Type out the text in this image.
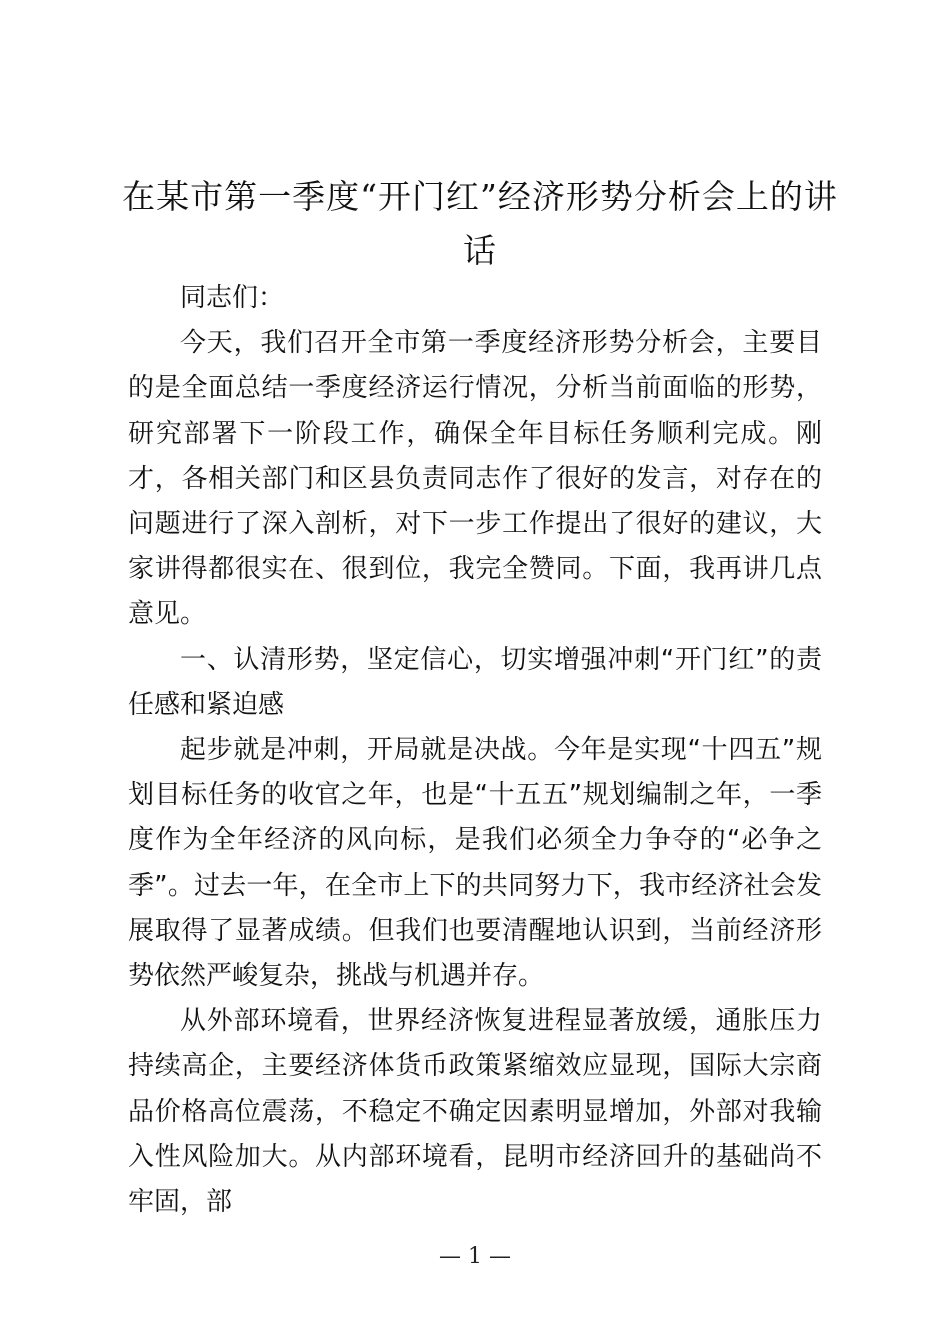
在某市第一季度“开门红”经济形势分析会上的讲话

同志们：

今天，我们召开全市第一季度经济形势分析会，主要目的是全面总结一季度经济运行情况，分析当前面临的形势，研究部署下一阶段工作，确保全年目标任务顺利完成。刚才，各相关部门和区县负责同志作了很好的发言，对存在的问题进行了深入剖析，对下一步工作提出了很好的建议，大家讲得都很实在、很到位，我完全赞同。下面，我再讲几点意见。

一、认清形势，坚定信心，切实增强冲刺“开门红”的责任感和紧迫感

起步就是冲刺，开局就是决战。今年是实现“十四五”规划目标任务的收官之年，也是“十五五”规划编制之年，一季度作为全年经济的风向标，是我们必须全力争夺的“必争之季”。过去一年，在全市上下的共同努力下，我市经济社会发展取得了显著成绩。但我们也要清醒地认识到，当前经济形势依然严峻复杂，挑战与机遇并存。

从外部环境看，世界经济恢复进程显著放缓，通胀压力持续高企，主要经济体货币政策紧缩效应显现，国际大宗商品价格高位震荡，不稳定不确定因素明显增加，外部对我输入性风险加大。从内部环境看，昆明市经济回升的基础尚不牢固，部

— 1 —
